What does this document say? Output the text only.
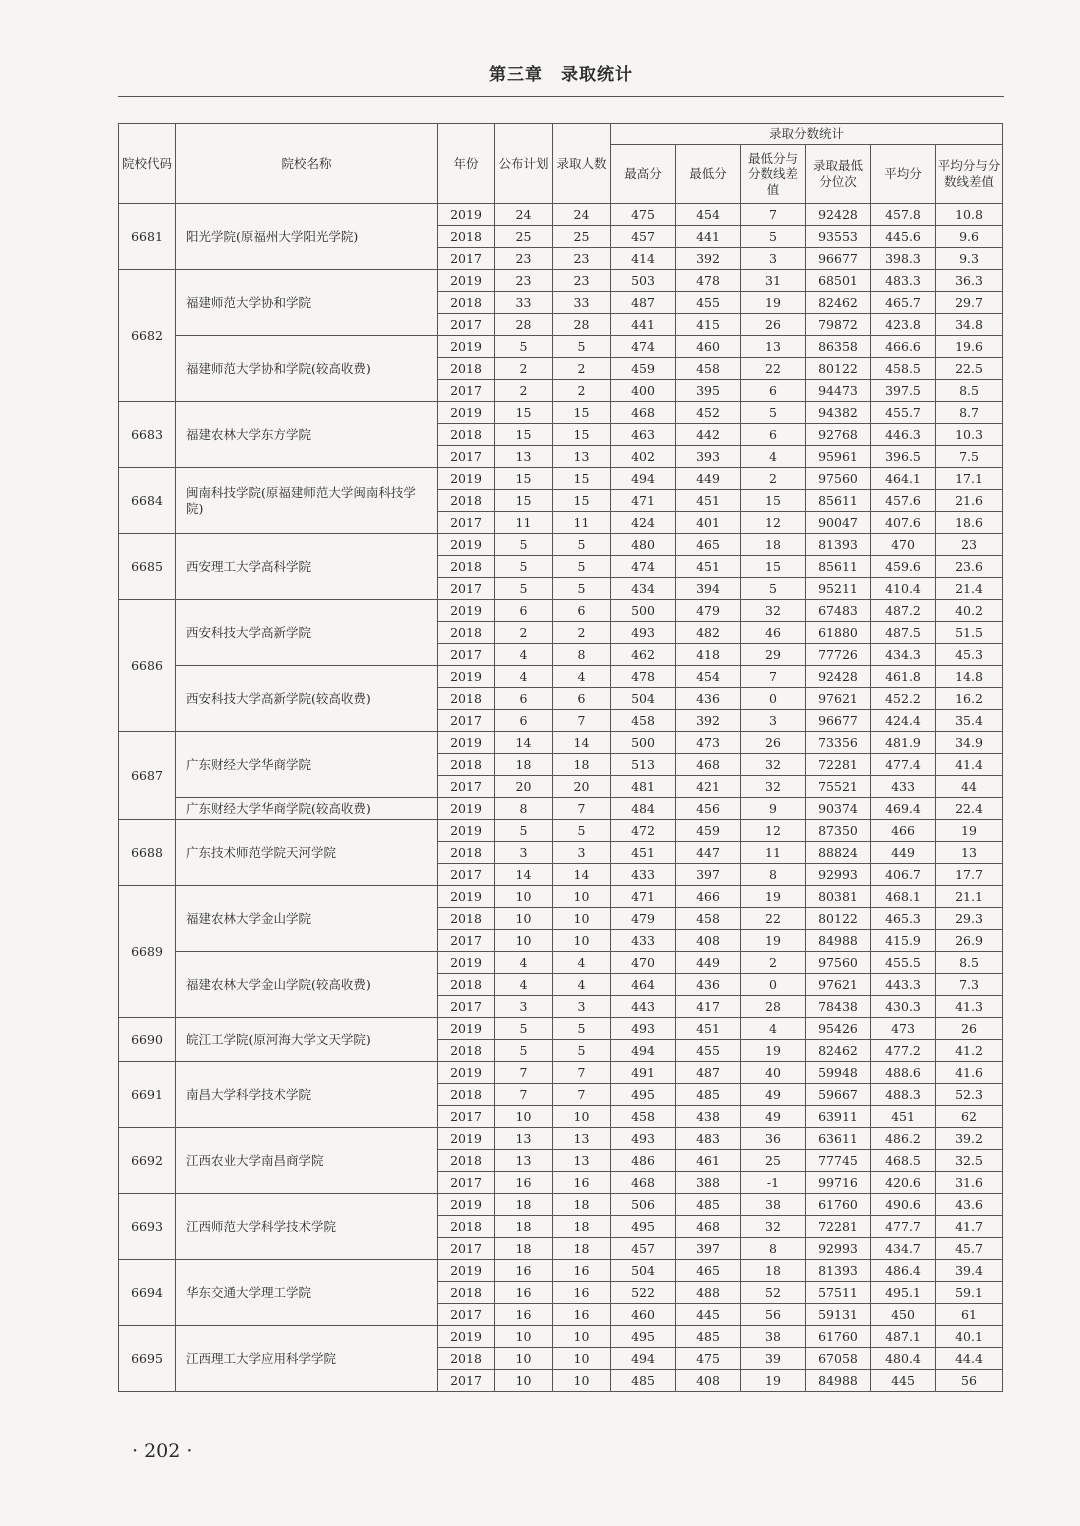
第三章　录取统计
院校代码	院校名称	年份	公布计划	录取人数	录取分数统计					
					最高分	最低分	最低分与分数线差值	录取最低分位次	平均分	平均分与分数线差值
6681	阳光学院(原福州大学阳光学院)	2019	24	24	475	454	7	92428	457.8	10.8
		2018	25	25	457	441	5	93553	445.6	9.6
		2017	23	23	414	392	3	96677	398.3	9.3
6682	福建师范大学协和学院	2019	23	23	503	478	31	68501	483.3	36.3
		2018	33	33	487	455	19	82462	465.7	29.7
		2017	28	28	441	415	26	79872	423.8	34.8
	福建师范大学协和学院(较高收费)	2019	5	5	474	460	13	86358	466.6	19.6
		2018	2	2	459	458	22	80122	458.5	22.5
		2017	2	2	400	395	6	94473	397.5	8.5
6683	福建农林大学东方学院	2019	15	15	468	452	5	94382	455.7	8.7
		2018	15	15	463	442	6	92768	446.3	10.3
		2017	13	13	402	393	4	95961	396.5	7.5
6684	闽南科技学院(原福建师范大学闽南科技学院)	2019	15	15	494	449	2	97560	464.1	17.1
		2018	15	15	471	451	15	85611	457.6	21.6
		2017	11	11	424	401	12	90047	407.6	18.6
6685	西安理工大学高科学院	2019	5	5	480	465	18	81393	470	23
		2018	5	5	474	451	15	85611	459.6	23.6
		2017	5	5	434	394	5	95211	410.4	21.4
6686	西安科技大学高新学院	2019	6	6	500	479	32	67483	487.2	40.2
		2018	2	2	493	482	46	61880	487.5	51.5
		2017	4	8	462	418	29	77726	434.3	45.3
	西安科技大学高新学院(较高收费)	2019	4	4	478	454	7	92428	461.8	14.8
		2018	6	6	504	436	0	97621	452.2	16.2
		2017	6	7	458	392	3	96677	424.4	35.4
6687	广东财经大学华商学院	2019	14	14	500	473	26	73356	481.9	34.9
		2018	18	18	513	468	32	72281	477.4	41.4
		2017	20	20	481	421	32	75521	433	44
	广东财经大学华商学院(较高收费)	2019	8	7	484	456	9	90374	469.4	22.4
6688	广东技术师范学院天河学院	2019	5	5	472	459	12	87350	466	19
		2018	3	3	451	447	11	88824	449	13
		2017	14	14	433	397	8	92993	406.7	17.7
6689	福建农林大学金山学院	2019	10	10	471	466	19	80381	468.1	21.1
		2018	10	10	479	458	22	80122	465.3	29.3
		2017	10	10	433	408	19	84988	415.9	26.9
	福建农林大学金山学院(较高收费)	2019	4	4	470	449	2	97560	455.5	8.5
		2018	4	4	464	436	0	97621	443.3	7.3
		2017	3	3	443	417	28	78438	430.3	41.3
6690	皖江工学院(原河海大学文天学院)	2019	5	5	493	451	4	95426	473	26
		2018	5	5	494	455	19	82462	477.2	41.2
6691	南昌大学科学技术学院	2019	7	7	491	487	40	59948	488.6	41.6
		2018	7	7	495	485	49	59667	488.3	52.3
		2017	10	10	458	438	49	63911	451	62
6692	江西农业大学南昌商学院	2019	13	13	493	483	36	63611	486.2	39.2
		2018	13	13	486	461	25	77745	468.5	32.5
		2017	16	16	468	388	-1	99716	420.6	31.6
6693	江西师范大学科学技术学院	2019	18	18	506	485	38	61760	490.6	43.6
		2018	18	18	495	468	32	72281	477.7	41.7
		2017	18	18	457	397	8	92993	434.7	45.7
6694	华东交通大学理工学院	2019	16	16	504	465	18	81393	486.4	39.4
		2018	16	16	522	488	52	57511	495.1	59.1
		2017	16	16	460	445	56	59131	450	61
6695	江西理工大学应用科学学院	2019	10	10	495	485	38	61760	487.1	40.1
		2018	10	10	494	475	39	67058	480.4	44.4
		2017	10	10	485	408	19	84988	445	56
· 202 ·
